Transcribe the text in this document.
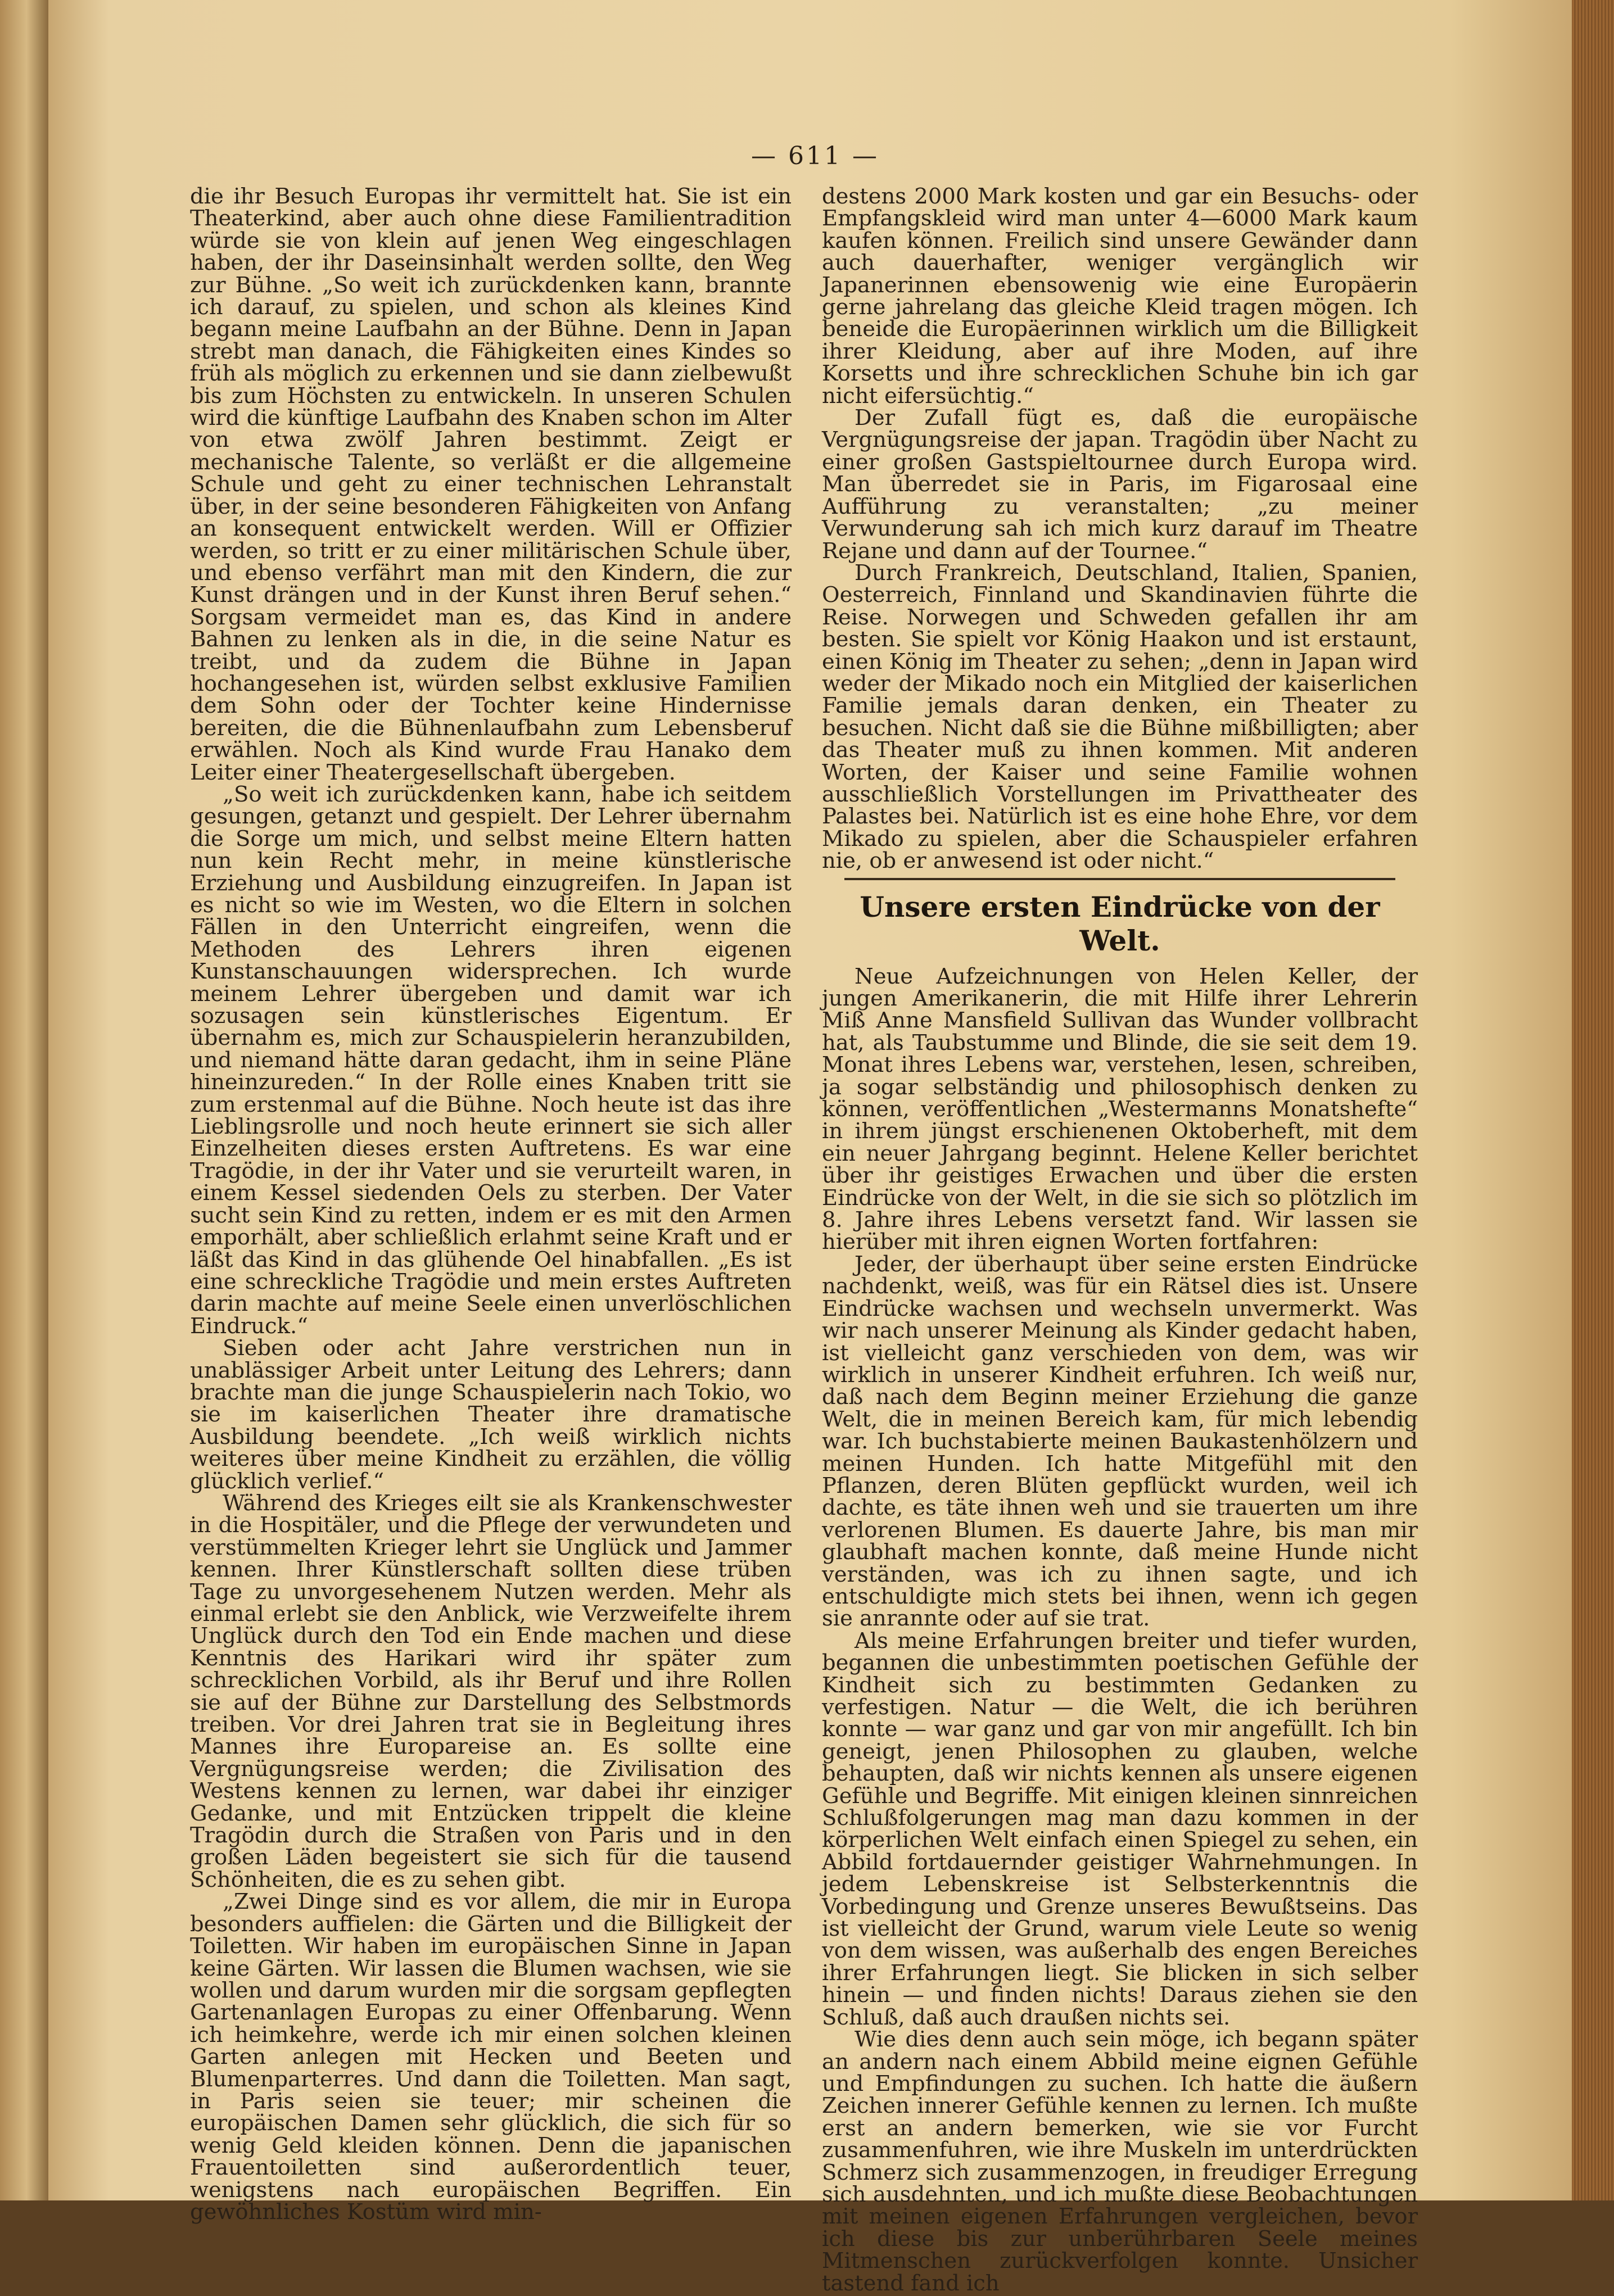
— 611 —

die ihr Besuch Europas ihr vermittelt hat. Sie ist ein Theaterkind, aber auch ohne diese Familientradition würde sie von klein auf jenen Weg eingeschlagen haben, der ihr Daseinsinhalt werden sollte, den Weg zur Bühne. „So weit ich zurückdenken kann, brannte ich darauf, zu spielen, und schon als kleines Kind begann meine Laufbahn an der Bühne. Denn in Japan strebt man danach, die Fähigkeiten eines Kindes so früh als möglich zu erkennen und sie dann zielbewußt bis zum Höchsten zu entwickeln. In unseren Schulen wird die künftige Laufbahn des Knaben schon im Alter von etwa zwölf Jahren bestimmt. Zeigt er mechanische Talente, so verläßt er die allgemeine Schule und geht zu einer technischen Lehranstalt über, in der seine besonderen Fähigkeiten von Anfang an konsequent entwickelt werden. Will er Offizier werden, so tritt er zu einer militärischen Schule über, und ebenso verfährt man mit den Kindern, die zur Kunst drängen und in der Kunst ihren Beruf sehen.“ Sorgsam vermeidet man es, das Kind in andere Bahnen zu lenken als in die, in die seine Natur es treibt, und da zudem die Bühne in Japan hochangesehen ist, würden selbst exklusive Familien dem Sohn oder der Tochter keine Hindernisse bereiten, die die Bühnenlaufbahn zum Lebensberuf erwählen. Noch als Kind wurde Frau Hanako dem Leiter einer Theatergesellschaft übergeben.

„So weit ich zurückdenken kann, habe ich seitdem gesungen, getanzt und gespielt. Der Lehrer übernahm die Sorge um mich, und selbst meine Eltern hatten nun kein Recht mehr, in meine künstlerische Erziehung und Ausbildung einzugreifen. In Japan ist es nicht so wie im Westen, wo die Eltern in solchen Fällen in den Unterricht eingreifen, wenn die Methoden des Lehrers ihren eigenen Kunstanschauungen widersprechen. Ich wurde meinem Lehrer übergeben und damit war ich sozusagen sein künstlerisches Eigentum. Er übernahm es, mich zur Schauspielerin heranzubilden, und niemand hätte daran gedacht, ihm in seine Pläne hineinzureden.“ In der Rolle eines Knaben tritt sie zum erstenmal auf die Bühne. Noch heute ist das ihre Lieblingsrolle und noch heute erinnert sie sich aller Einzelheiten dieses ersten Auftretens. Es war eine Tragödie, in der ihr Vater und sie verurteilt waren, in einem Kessel siedenden Oels zu sterben. Der Vater sucht sein Kind zu retten, indem er es mit den Armen emporhält, aber schließlich erlahmt seine Kraft und er läßt das Kind in das glühende Oel hinabfallen. „Es ist eine schreckliche Tragödie und mein erstes Auftreten darin machte auf meine Seele einen unverlöschlichen Eindruck.“

Sieben oder acht Jahre verstrichen nun in unablässiger Arbeit unter Leitung des Lehrers; dann brachte man die junge Schauspielerin nach Tokio, wo sie im kaiserlichen Theater ihre dramatische Ausbildung beendete. „Ich weiß wirklich nichts weiteres über meine Kindheit zu erzählen, die völlig glücklich verlief.“

Während des Krieges eilt sie als Krankenschwester in die Hospitäler, und die Pflege der verwundeten und verstümmelten Krieger lehrt sie Unglück und Jammer kennen. Ihrer Künstlerschaft sollten diese trüben Tage zu unvorgesehenem Nutzen werden. Mehr als einmal erlebt sie den Anblick, wie Verzweifelte ihrem Unglück durch den Tod ein Ende machen und diese Kenntnis des Harikari wird ihr später zum schrecklichen Vorbild, als ihr Beruf und ihre Rollen sie auf der Bühne zur Darstellung des Selbstmords treiben. Vor drei Jahren trat sie in Begleitung ihres Mannes ihre Europareise an. Es sollte eine Vergnügungsreise werden; die Zivilisation des Westens kennen zu lernen, war dabei ihr einziger Gedanke, und mit Entzücken trippelt die kleine Tragödin durch die Straßen von Paris und in den großen Läden begeistert sie sich für die tausend Schönheiten, die es zu sehen gibt.

„Zwei Dinge sind es vor allem, die mir in Europa besonders auffielen: die Gärten und die Billigkeit der Toiletten. Wir haben im europäischen Sinne in Japan keine Gärten. Wir lassen die Blumen wachsen, wie sie wollen und darum wurden mir die sorgsam gepflegten Gartenanlagen Europas zu einer Offenbarung. Wenn ich heimkehre, werde ich mir einen solchen kleinen Garten anlegen mit Hecken und Beeten und Blumenparterres. Und dann die Toiletten. Man sagt, in Paris seien sie teuer; mir scheinen die europäischen Damen sehr glücklich, die sich für so wenig Geld kleiden können. Denn die japanischen Frauentoiletten sind außerordentlich teuer, wenigstens nach europäischen Begriffen. Ein gewöhnliches Kostüm wird min-

destens 2000 Mark kosten und gar ein Besuchs- oder Empfangskleid wird man unter 4—6000 Mark kaum kaufen können. Freilich sind unsere Gewänder dann auch dauerhafter, weniger vergänglich wir Japanerinnen ebensowenig wie eine Europäerin gerne jahrelang das gleiche Kleid tragen mögen. Ich beneide die Europäerinnen wirklich um die Billigkeit ihrer Kleidung, aber auf ihre Moden, auf ihre Korsetts und ihre schrecklichen Schuhe bin ich gar nicht eifersüchtig.“

Der Zufall fügt es, daß die europäische Vergnügungsreise der japan. Tragödin über Nacht zu einer großen Gastspieltournee durch Europa wird. Man überredet sie in Paris, im Figarosaal eine Aufführung zu veranstalten; „zu meiner Verwunderung sah ich mich kurz darauf im Theatre Rejane und dann auf der Tournee.“

Durch Frankreich, Deutschland, Italien, Spanien, Oesterreich, Finnland und Skandinavien führte die Reise. Norwegen und Schweden gefallen ihr am besten. Sie spielt vor König Haakon und ist erstaunt, einen König im Theater zu sehen; „denn in Japan wird weder der Mikado noch ein Mitglied der kaiserlichen Familie jemals daran denken, ein Theater zu besuchen. Nicht daß sie die Bühne mißbilligten; aber das Theater muß zu ihnen kommen. Mit anderen Worten, der Kaiser und seine Familie wohnen ausschließlich Vorstellungen im Privattheater des Palastes bei. Natürlich ist es eine hohe Ehre, vor dem Mikado zu spielen, aber die Schauspieler erfahren nie, ob er anwesend ist oder nicht.“

Unsere ersten Eindrücke von der Welt.

Neue Aufzeichnungen von Helen Keller, der jungen Amerikanerin, die mit Hilfe ihrer Lehrerin Miß Anne Mansfield Sullivan das Wunder vollbracht hat, als Taubstumme und Blinde, die sie seit dem 19. Monat ihres Lebens war, verstehen, lesen, schreiben, ja sogar selbständig und philosophisch denken zu können, veröffentlichen „Westermanns Monatshefte“ in ihrem jüngst erschienenen Oktoberheft, mit dem ein neuer Jahrgang beginnt. Helene Keller berichtet über ihr geistiges Erwachen und über die ersten Eindrücke von der Welt, in die sie sich so plötzlich im 8. Jahre ihres Lebens versetzt fand. Wir lassen sie hierüber mit ihren eignen Worten fortfahren:

Jeder, der überhaupt über seine ersten Eindrücke nachdenkt, weiß, was für ein Rätsel dies ist. Unsere Eindrücke wachsen und wechseln unvermerkt. Was wir nach unserer Meinung als Kinder gedacht haben, ist vielleicht ganz verschieden von dem, was wir wirklich in unserer Kindheit erfuhren. Ich weiß nur, daß nach dem Beginn meiner Erziehung die ganze Welt, die in meinen Bereich kam, für mich lebendig war. Ich buchstabierte meinen Baukastenhölzern und meinen Hunden. Ich hatte Mitgefühl mit den Pflanzen, deren Blüten gepflückt wurden, weil ich dachte, es täte ihnen weh und sie trauerten um ihre verlorenen Blumen. Es dauerte Jahre, bis man mir glaubhaft machen konnte, daß meine Hunde nicht verständen, was ich zu ihnen sagte, und ich entschuldigte mich stets bei ihnen, wenn ich gegen sie anrannte oder auf sie trat.

Als meine Erfahrungen breiter und tiefer wurden, begannen die unbestimmten poetischen Gefühle der Kindheit sich zu bestimmten Gedanken zu verfestigen. Natur — die Welt, die ich berühren konnte — war ganz und gar von mir angefüllt. Ich bin geneigt, jenen Philosophen zu glauben, welche behaupten, daß wir nichts kennen als unsere eigenen Gefühle und Begriffe. Mit einigen kleinen sinnreichen Schlußfolgerungen mag man dazu kommen in der körperlichen Welt einfach einen Spiegel zu sehen, ein Abbild fortdauernder geistiger Wahrnehmungen. In jedem Lebenskreise ist Selbsterkenntnis die Vorbedingung und Grenze unseres Bewußtseins. Das ist vielleicht der Grund, warum viele Leute so wenig von dem wissen, was außerhalb des engen Bereiches ihrer Erfahrungen liegt. Sie blicken in sich selber hinein — und finden nichts! Daraus ziehen sie den Schluß, daß auch draußen nichts sei.

Wie dies denn auch sein möge, ich begann später an andern nach einem Abbild meine eignen Gefühle und Empfindungen zu suchen. Ich hatte die äußern Zeichen innerer Gefühle kennen zu lernen. Ich mußte erst an andern bemerken, wie sie vor Furcht zusammenfuhren, wie ihre Muskeln im unterdrückten Schmerz sich zusammenzogen, in freudiger Erregung sich ausdehnten, und ich mußte diese Beobachtungen mit meinen eigenen Erfahrungen vergleichen, bevor ich diese bis zur unberührbaren Seele meines Mitmenschen zurückverfolgen konnte. Unsicher tastend fand ich
